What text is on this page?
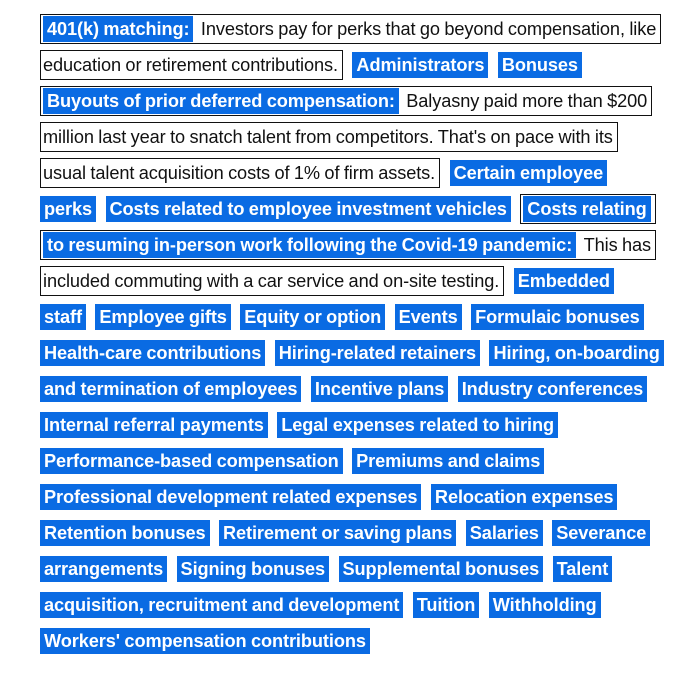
401(k) matching: Investors pay for perks that go beyond compensation, like education or retirement contributions. Administrators Bonuses Buyouts of prior deferred compensation: Balyasny paid more than $200 million last year to snatch talent from competitors. That's on pace with its usual talent acquisition costs of 1% of firm assets. Certain employee perks Costs related to employee investment vehicles Costs relating to resuming in-person work following the Covid-19 pandemic: This has included commuting with a car service and on-site testing. Embedded staff Employee gifts Equity or option Events Formulaic bonuses Health-care contributions Hiring-related retainers Hiring, on-boarding and termination of employees Incentive plans Industry conferences Internal referral payments Legal expenses related to hiring Performance-based compensation Premiums and claims Professional development related expenses Relocation expenses Retention bonuses Retirement or saving plans Salaries Severance arrangements Signing bonuses Supplemental bonuses Talent acquisition, recruitment and development Tuition Withholding Workers' compensation contributions
